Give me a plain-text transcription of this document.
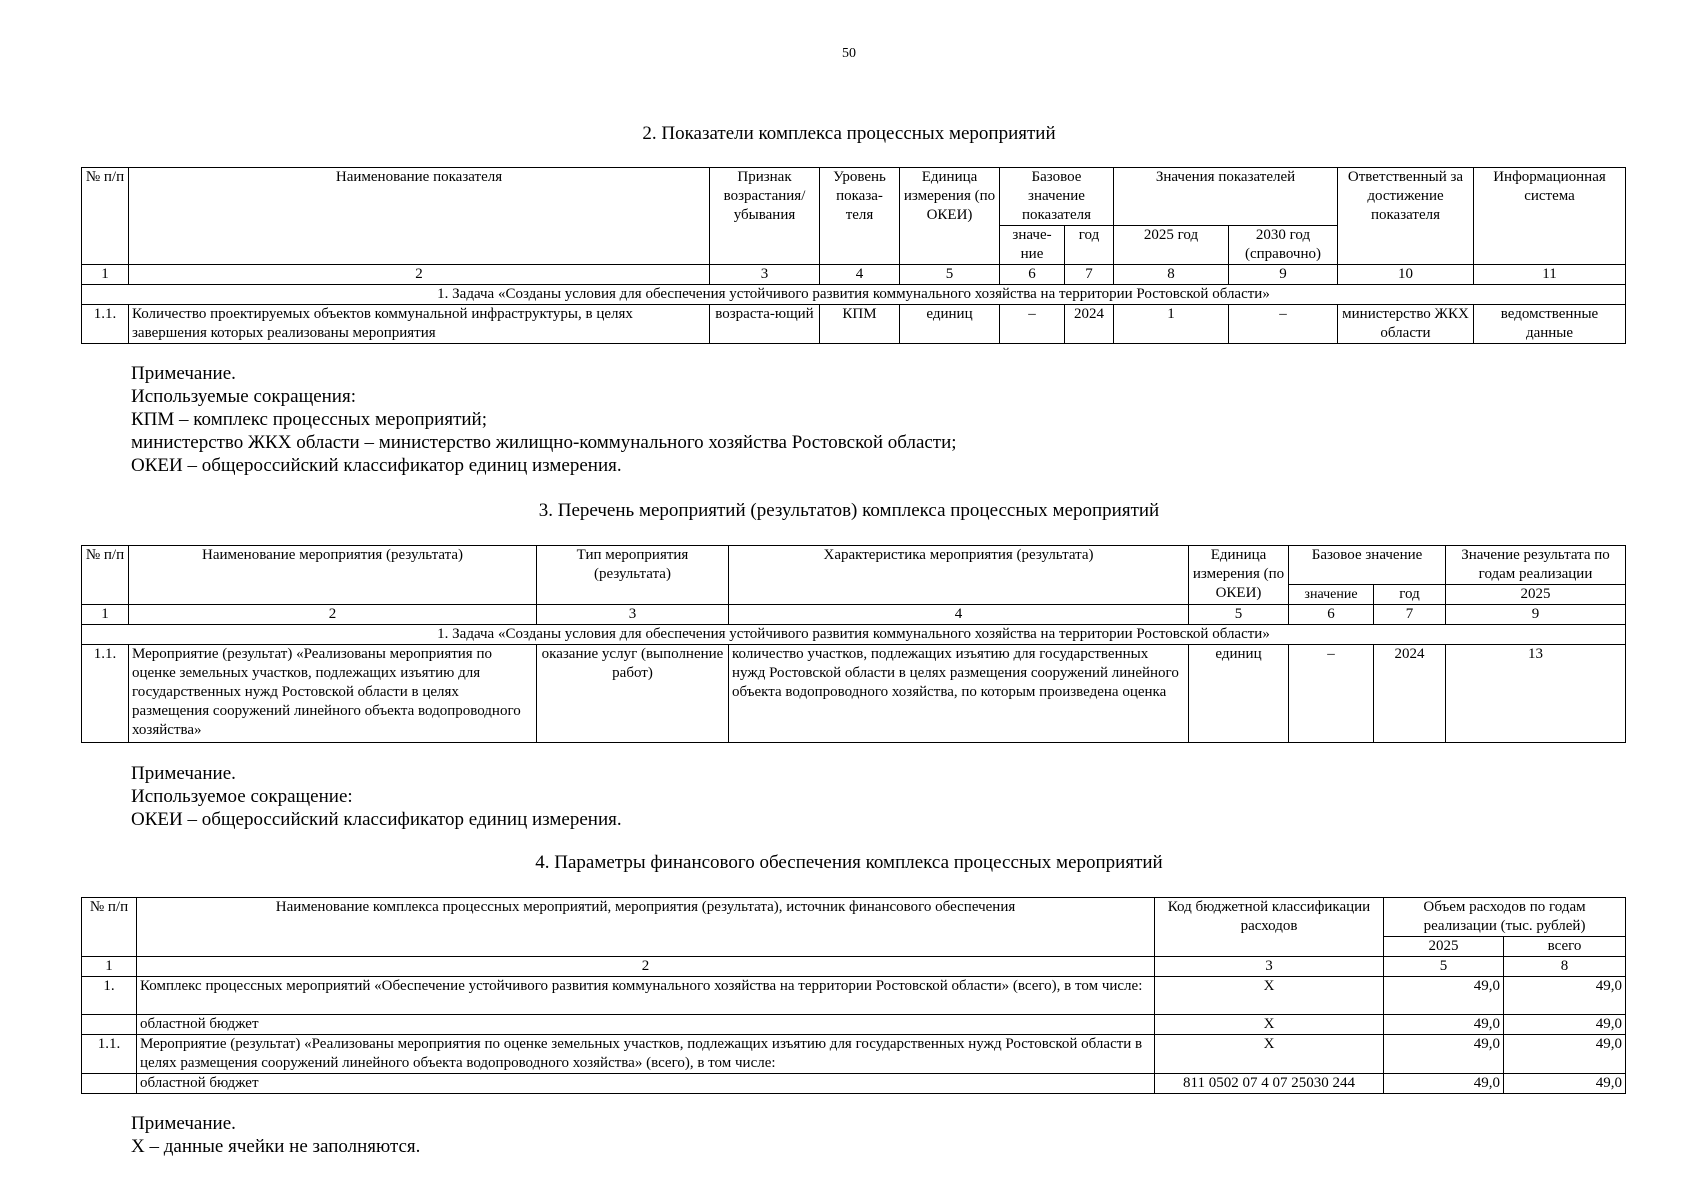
50
2. Показатели комплекса процессных мероприятий
№ п/п	Наименование показателя	Признак возрастания/ убывания	Уровень показа-теля	Единица измерения (по ОКЕИ)	Базовое значение показателя		Значения показателей		Ответственный за достижение показателя	Информационная система
					значе-ние	год	2025 год	2030 год (справочно)		
1	2	3	4	5	6	7	8	9	10	11
1. Задача «Созданы условия для обеспечения устойчивого развития коммунального хозяйства на территории Ростовской области»										
1.1.	Количество проектируемых объектов коммунальной инфраструктуры, в целях завершения которых реализованы мероприятия	возраста-ющий	КПМ	единиц	–	2024	1	–	министерство ЖКХ области	ведомственные данные
Примечание.
Используемые сокращения:
КПМ – комплекс процессных мероприятий;
министерство ЖКХ области – министерство жилищно-коммунального хозяйства Ростовской области;
ОКЕИ – общероссийский классификатор единиц измерения.
3. Перечень мероприятий (результатов) комплекса процессных мероприятий
№ п/п	Наименование мероприятия (результата)	Тип мероприятия (результата)	Характеристика мероприятия (результата)	Единица измерения (по ОКЕИ)	Базовое значение		Значение результата по годам реализации
					значение	год	2025
1	2	3	4	5	6	7	9
1. Задача «Созданы условия для обеспечения устойчивого развития коммунального хозяйства на территории Ростовской области»							
1.1.	Мероприятие (результат) «Реализованы мероприятия по оценке земельных участков, подлежащих изъятию для государственных нужд Ростовской области в целях размещения сооружений линейного объекта водопроводного хозяйства»	оказание услуг (выполнение работ)	количество участков, подлежащих изъятию для государственных нужд Ростовской области в целях размещения сооружений линейного объекта водопроводного хозяйства, по которым произведена оценка	единиц	–	2024	13
Примечание.
Используемое сокращение:
ОКЕИ – общероссийский классификатор единиц измерения.
4. Параметры финансового обеспечения комплекса процессных мероприятий
№ п/п	Наименование комплекса процессных мероприятий, мероприятия (результата), источник финансового обеспечения	Код бюджетной классификации расходов	Объем расходов по годам реализации (тыс. рублей)	
			2025	всего
1	2	3	5	8
1.	Комплекс процессных мероприятий «Обеспечение устойчивого развития коммунального хозяйства на территории Ростовской области» (всего), в том числе:	X	49,0	49,0
	областной бюджет	X	49,0	49,0
1.1.	Мероприятие (результат) «Реализованы мероприятия по оценке земельных участков, подлежащих изъятию для государственных нужд Ростовской области в целях размещения сооружений линейного объекта водопроводного хозяйства» (всего), в том числе:	X	49,0	49,0
	областной бюджет	811 0502 07 4 07 25030 244	49,0	49,0
Примечание.
X – данные ячейки не заполняются.
